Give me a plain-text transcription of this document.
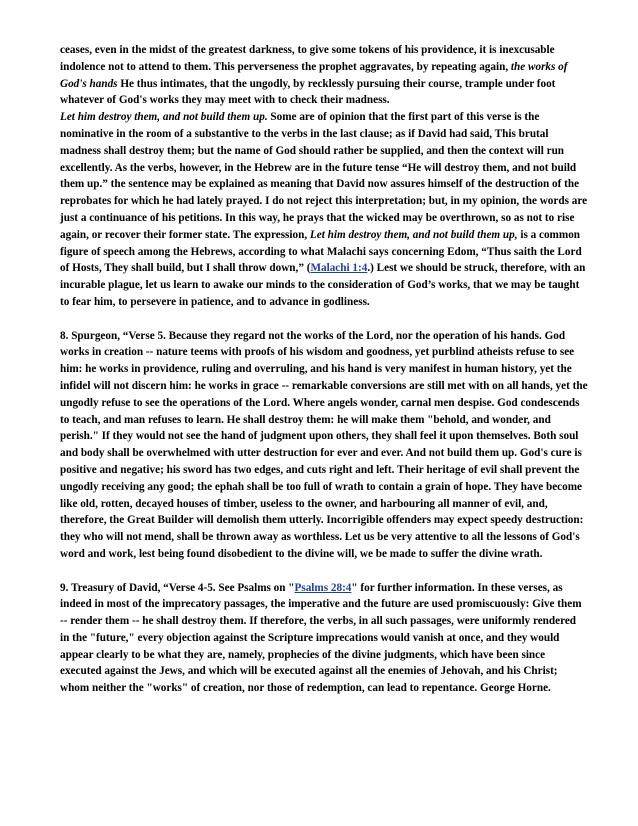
ceases, even in the midst of the greatest darkness, to give some tokens of his providence, it is inexcusable indolence not to attend to them. This perverseness the prophet aggravates, by repeating again, the works of God's hands He thus intimates, that the ungodly, by recklessly pursuing their course, trample under foot whatever of God's works they may meet with to check their madness.
Let him destroy them, and not build them up. Some are of opinion that the first part of this verse is the nominative in the room of a substantive to the verbs in the last clause; as if David had said, This brutal madness shall destroy them; but the name of God should rather be supplied, and then the context will run excellently. As the verbs, however, in the Hebrew are in the future tense “He will destroy them, and not build them up.” the sentence may be explained as meaning that David now assures himself of the destruction of the reprobates for which he had lately prayed. I do not reject this interpretation; but, in my opinion, the words are just a continuance of his petitions. In this way, he prays that the wicked may be overthrown, so as not to rise again, or recover their former state. The expression, Let him destroy them, and not build them up, is a common figure of speech among the Hebrews, according to what Malachi says concerning Edom, “Thus saith the Lord of Hosts, They shall build, but I shall throw down,” (Malachi 1:4.) Lest we should be struck, therefore, with an incurable plague, let us learn to awake our minds to the consideration of God’s works, that we may be taught to fear him, to persevere in patience, and to advance in godliness.

8. Spurgeon, “Verse 5. Because they regard not the works of the Lord, nor the operation of his hands. God works in creation -- nature teems with proofs of his wisdom and goodness, yet purblind atheists refuse to see him: he works in providence, ruling and overruling, and his hand is very manifest in human history, yet the infidel will not discern him: he works in grace -- remarkable conversions are still met with on all hands, yet the ungodly refuse to see the operations of the Lord. Where angels wonder, carnal men despise. God condescends to teach, and man refuses to learn. He shall destroy them: he will make them "behold, and wonder, and perish." If they would not see the hand of judgment upon others, they shall feel it upon themselves. Both soul and body shall be overwhelmed with utter destruction for ever and ever. And not build them up. God's cure is positive and negative; his sword has two edges, and cuts right and left. Their heritage of evil shall prevent the ungodly receiving any good; the ephah shall be too full of wrath to contain a grain of hope. They have become like old, rotten, decayed houses of timber, useless to the owner, and harbouring all manner of evil, and, therefore, the Great Builder will demolish them utterly. Incorrigible offenders may expect speedy destruction: they who will not mend, shall be thrown away as worthless. Let us be very attentive to all the lessons of God's word and work, lest being found disobedient to the divine will, we be made to suffer the divine wrath.

9. Treasury of David, “Verse 4-5. See Psalms on "Psalms 28:4" for further information. In these verses, as indeed in most of the imprecatory passages, the imperative and the future are used promiscuously: Give them -- render them -- he shall destroy them. If therefore, the verbs, in all such passages, were uniformly rendered in the "future," every objection against the Scripture imprecations would vanish at once, and they would appear clearly to be what they are, namely, prophecies of the divine judgments, which have been since executed against the Jews, and which will be executed against all the enemies of Jehovah, and his Christ; whom neither the "works" of creation, nor those of redemption, can lead to repentance. George Horne.
